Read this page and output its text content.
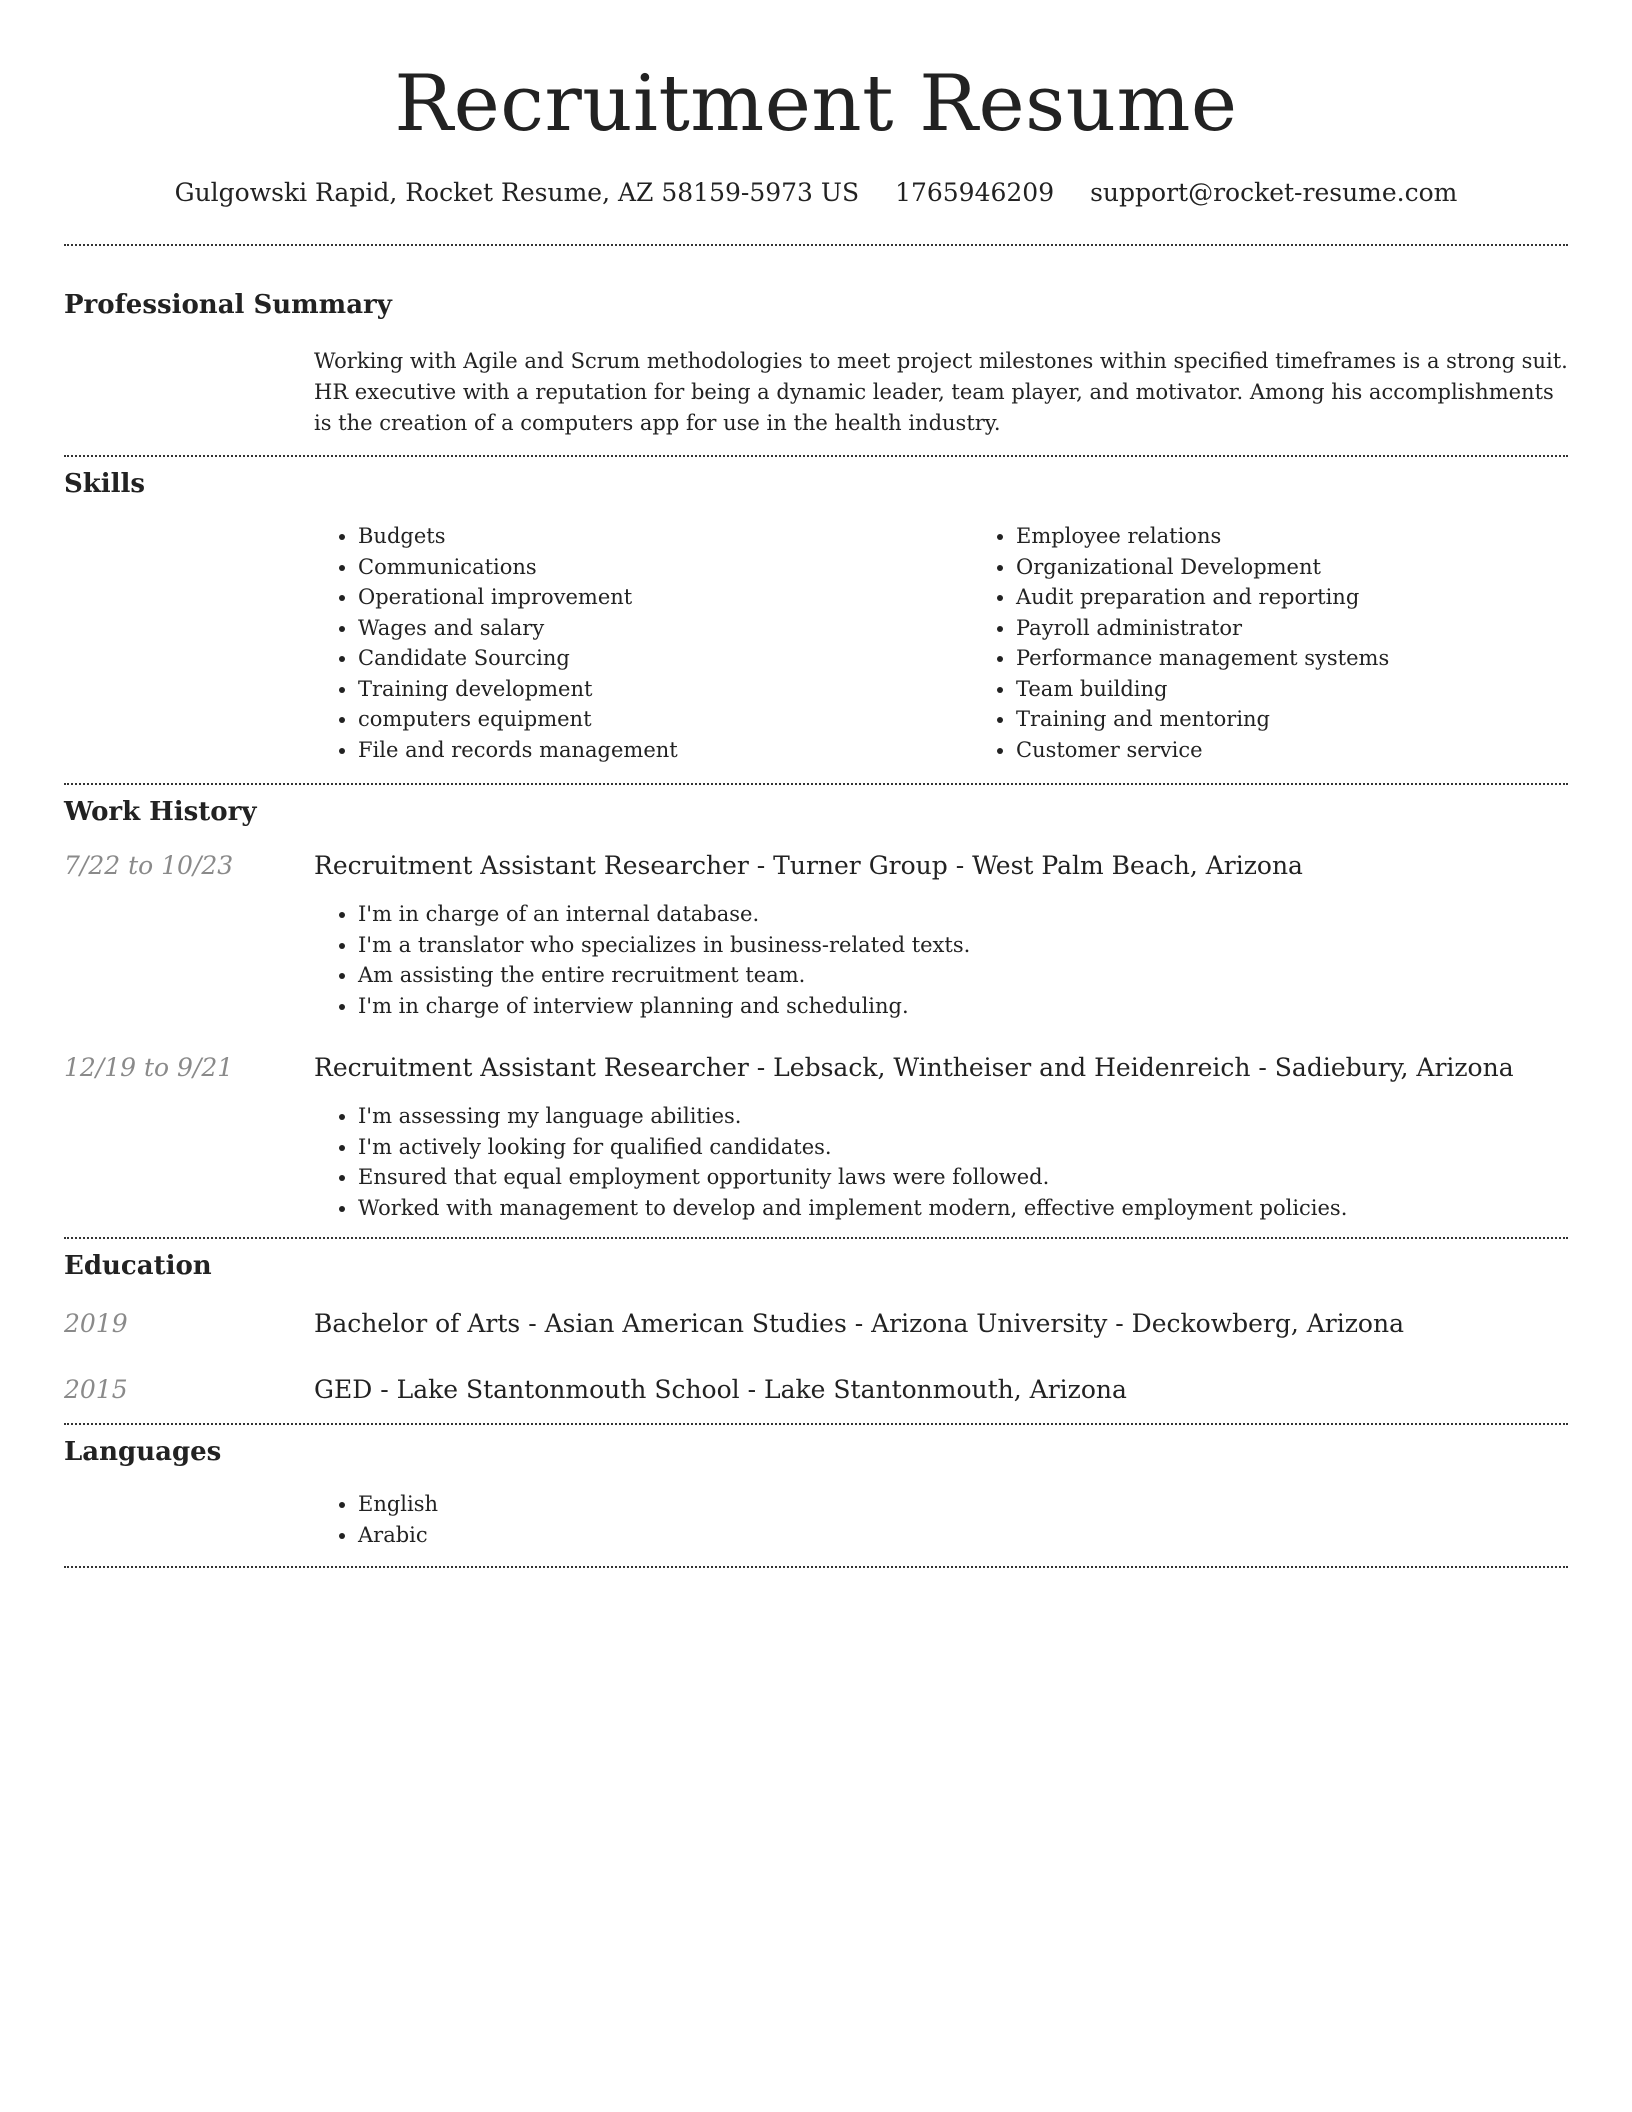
Recruitment Resume
Gulgowski Rapid, Rocket Resume, AZ 58159-5973 US 1765946209 support@rocket-resume.com
Professional Summary

Working with Agile and Scrum methodologies to meet project milestones within specified timeframes is a strong suit. HR executive with a reputation for being a dynamic leader, team player, and motivator. Among his accomplishments is the creation of a computers app for use in the health industry.

Skills
• Budgets
• Communications
• Operational improvement
• Wages and salary
• Candidate Sourcing
• Training development
• computers equipment
• File and records management
• Employee relations
• Organizational Development
• Audit preparation and reporting
• Payroll administrator
• Performance management systems
• Team building
• Training and mentoring
• Customer service
Work History
7/22 to 10/23	Recruitment Assistant Researcher - Turner Group - West Palm Beach, Arizona
• I'm in charge of an internal database.
• I'm a translator who specializes in business-related texts.
• Am assisting the entire recruitment team.
• I'm in charge of interview planning and scheduling.
12/19 to 9/21	Recruitment Assistant Researcher - Lebsack, Wintheiser and Heidenreich - Sadiebury, Arizona
• I'm assessing my language abilities.
• I'm actively looking for qualified candidates.
• Ensured that equal employment opportunity laws were followed.
• Worked with management to develop and implement modern, effective employment policies.
Education
2019	Bachelor of Arts - Asian American Studies - Arizona University - Deckowberg, Arizona
2015	GED - Lake Stantonmouth School - Lake Stantonmouth, Arizona
Languages
• English
• Arabic
